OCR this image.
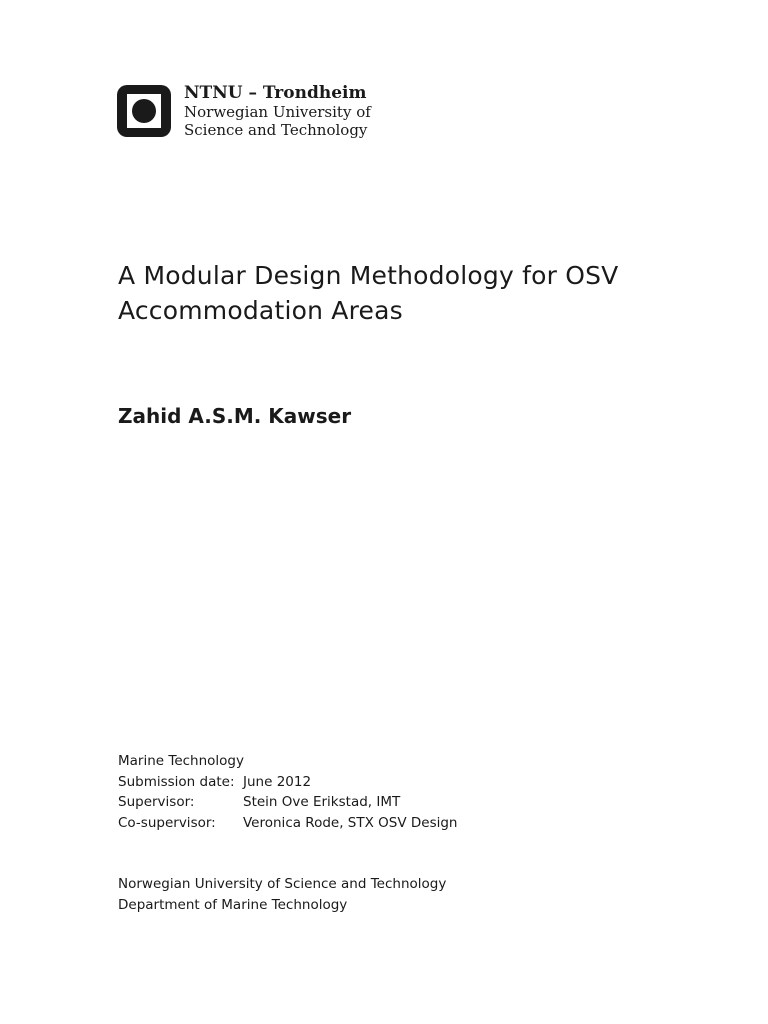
NTNU – Trondheim
Norwegian University of
Science and Technology
A Modular Design Methodology for OSV
Accommodation Areas
Zahid A.S.M. Kawser
Marine Technology
Submission date: June 2012
Supervisor:	Stein Ove Erikstad, IMT
Co-supervisor:	Veronica Rode, STX OSV Design
Norwegian University of Science and Technology
Department of Marine Technology
